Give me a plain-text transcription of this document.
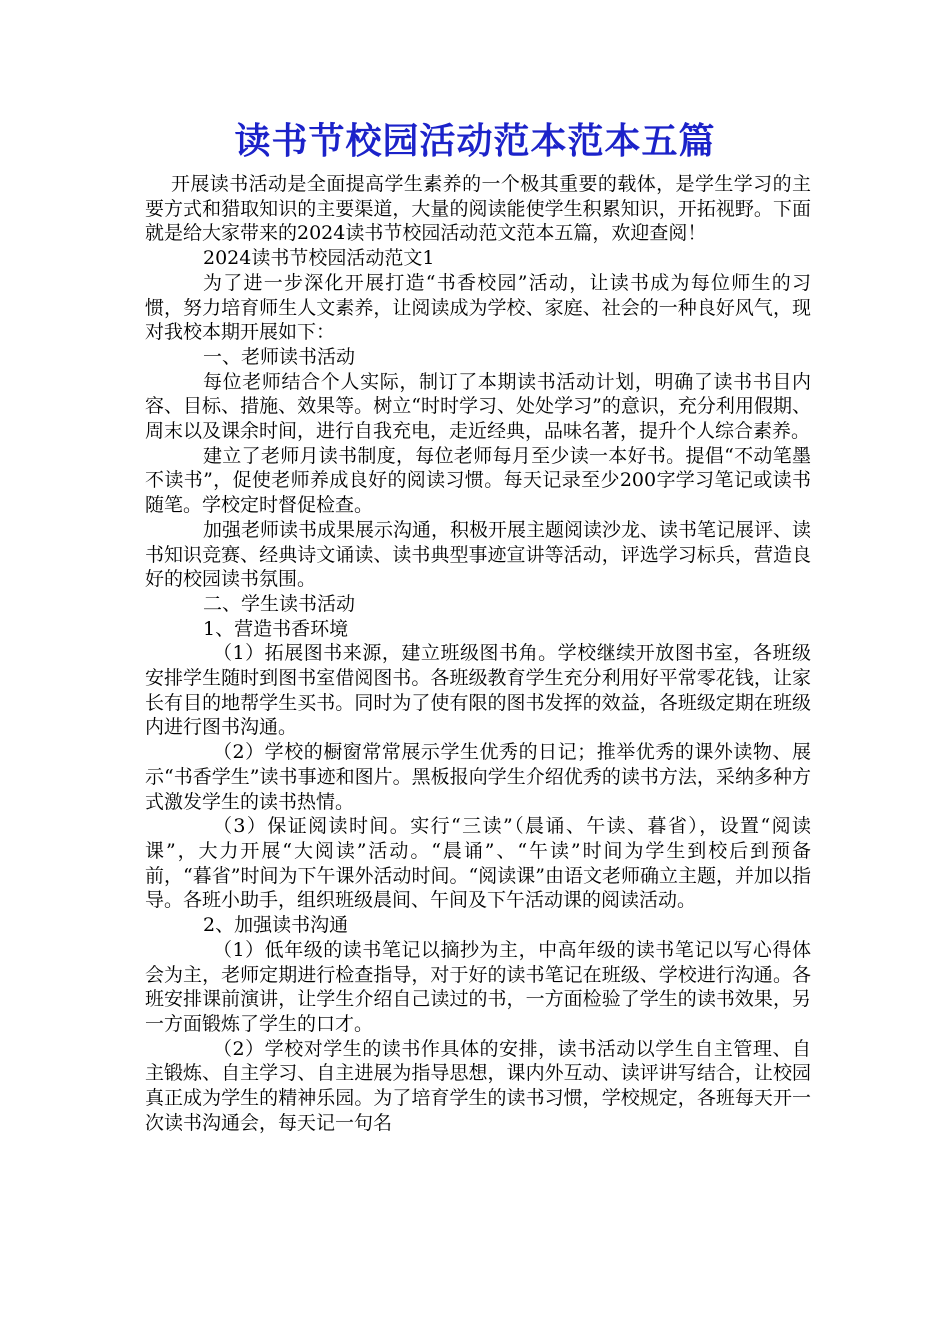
读书节校园活动范本范本五篇

开展读书活动是全面提高学生素养的一个极其重要的载体，是学生学习的主要方式和猎取知识的主要渠道，大量的阅读能使学生积累知识，开拓视野。下面就是给大家带来的2024读书节校园活动范文范本五篇，欢迎查阅！

2024读书节校园活动范文1

为了进一步深化开展打造“书香校园”活动，让读书成为每位师生的习惯，努力培育师生人文素养，让阅读成为学校、家庭、社会的一种良好风气，现对我校本期开展如下：

一、老师读书活动

每位老师结合个人实际，制订了本期读书活动计划，明确了读书书目内容、目标、措施、效果等。树立“时时学习、处处学习”的意识，充分利用假期、周末以及课余时间，进行自我充电，走近经典，品味名著，提升个人综合素养。

建立了老师月读书制度，每位老师每月至少读一本好书。提倡“不动笔墨不读书”，促使老师养成良好的阅读习惯。每天记录至少200字学习笔记或读书随笔。学校定时督促检查。

加强老师读书成果展示沟通，积极开展主题阅读沙龙、读书笔记展评、读书知识竞赛、经典诗文诵读、读书典型事迹宣讲等活动，评选学习标兵，营造良好的校园读书氛围。

二、学生读书活动

1、营造书香环境

（1）拓展图书来源，建立班级图书角。学校继续开放图书室，各班级安排学生随时到图书室借阅图书。各班级教育学生充分利用好平常零花钱，让家长有目的地帮学生买书。同时为了使有限的图书发挥的效益，各班级定期在班级内进行图书沟通。

（2）学校的橱窗常常展示学生优秀的日记；推举优秀的课外读物、展示“书香学生”读书事迹和图片。黑板报向学生介绍优秀的读书方法，采纳多种方式激发学生的读书热情。

（3）保证阅读时间。实行“三读”（晨诵、午读、暮省），设置“阅读课”，大力开展“大阅读”活动。“晨诵”、“午读”时间为学生到校后到预备前，“暮省”时间为下午课外活动时间。“阅读课”由语文老师确立主题，并加以指导。各班小助手，组织班级晨间、午间及下午活动课的阅读活动。

2、加强读书沟通

（1）低年级的读书笔记以摘抄为主，中高年级的读书笔记以写心得体会为主，老师定期进行检查指导，对于好的读书笔记在班级、学校进行沟通。各班安排课前演讲，让学生介绍自己读过的书，一方面检验了学生的读书效果，另一方面锻炼了学生的口才。

（2）学校对学生的读书作具体的安排，读书活动以学生自主管理、自主锻炼、自主学习、自主进展为指导思想，课内外互动、读评讲写结合，让校园真正成为学生的精神乐园。为了培育学生的读书习惯，学校规定，各班每天开一次读书沟通会，每天记一句名
